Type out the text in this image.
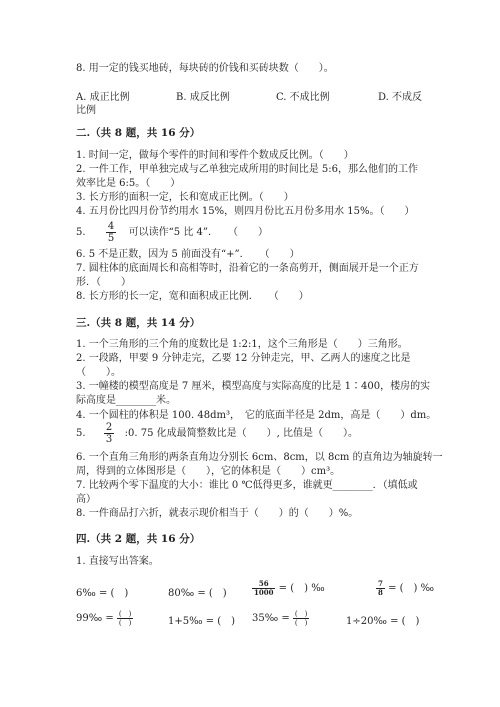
8. 用一定的钱买地砖，每块砖的价钱和买砖块数（　　）。
A. 成正比例	B. 成反比例	C. 不成比例	D. 不成反
比例
二.（共 8 题，共 16 分）
1. 时间一定，做每个零件的时间和零件个数成反比例。（　　）
2. 一件工作，甲单独完成与乙单独完成所用的时间比是 5:6，那么他们的工作
效率比是 6:5。（　　）
3. 长方形的面积一定，长和宽成正比例。（　　）
4. 五月份比四月份节约用水 15%，则四月份比五月份多用水 15%。（　　）
5. $\frac{4}{5}$ 可以读作“5 比 4”．　　（　　）
6. 5 不是正数，因为 5 前面没有“+”．　　（　　）
7. 圆柱体的底面周长和高相等时，沿着它的一条高剪开，侧面展开是一个正方
形．（　　）
8. 长方形的长一定，宽和面积成正比例．　　（　　）
三.（共 8 题，共 14 分）
1. 一个三角形的三个角的度数比是 1:2:1，这个三角形是（　　）三角形。
2. 一段路，甲要 9 分钟走完，乙要 12 分钟走完，甲、乙两人的速度之比是
（　　）。
3. 一幢楼的模型高度是 7 厘米，模型高度与实际高度的比是 1∶400，楼房的实
际高度是________米。
4. 一个圆柱的体积是 100. 48dm³，　它的底面半径是 2dm，高是（　　）dm。
5. $\frac{2}{3}$ :0. 75 化成最简整数比是（　　）, 比值是（　　）。
6. 一个直角三角形的两条直角边分别长 6cm、8cm，以 8cm 的直角边为轴旋转一
周，得到的立体图形是（　　），它的体积是（　　）cm³。
7. 比较两个零下温度的大小：谁比 0 ℃低得更多，谁就更________．（填低或
高）
8. 一件商品打六折，就表示现价相当于（　　）的（　　）%。
四.（共 2 题，共 16 分）
1. 直接写出答案。
6‰ = (　)	80‰ = (　)	$\frac{56}{1000}$ = (　) ‰	$\frac{7}{8}$ = (　) ‰
99‰ = $\frac{( )}{( )}$	1+5‰ = (　) 35‰ = $\frac{( )}{( )}$	1÷20‰ = (　)
